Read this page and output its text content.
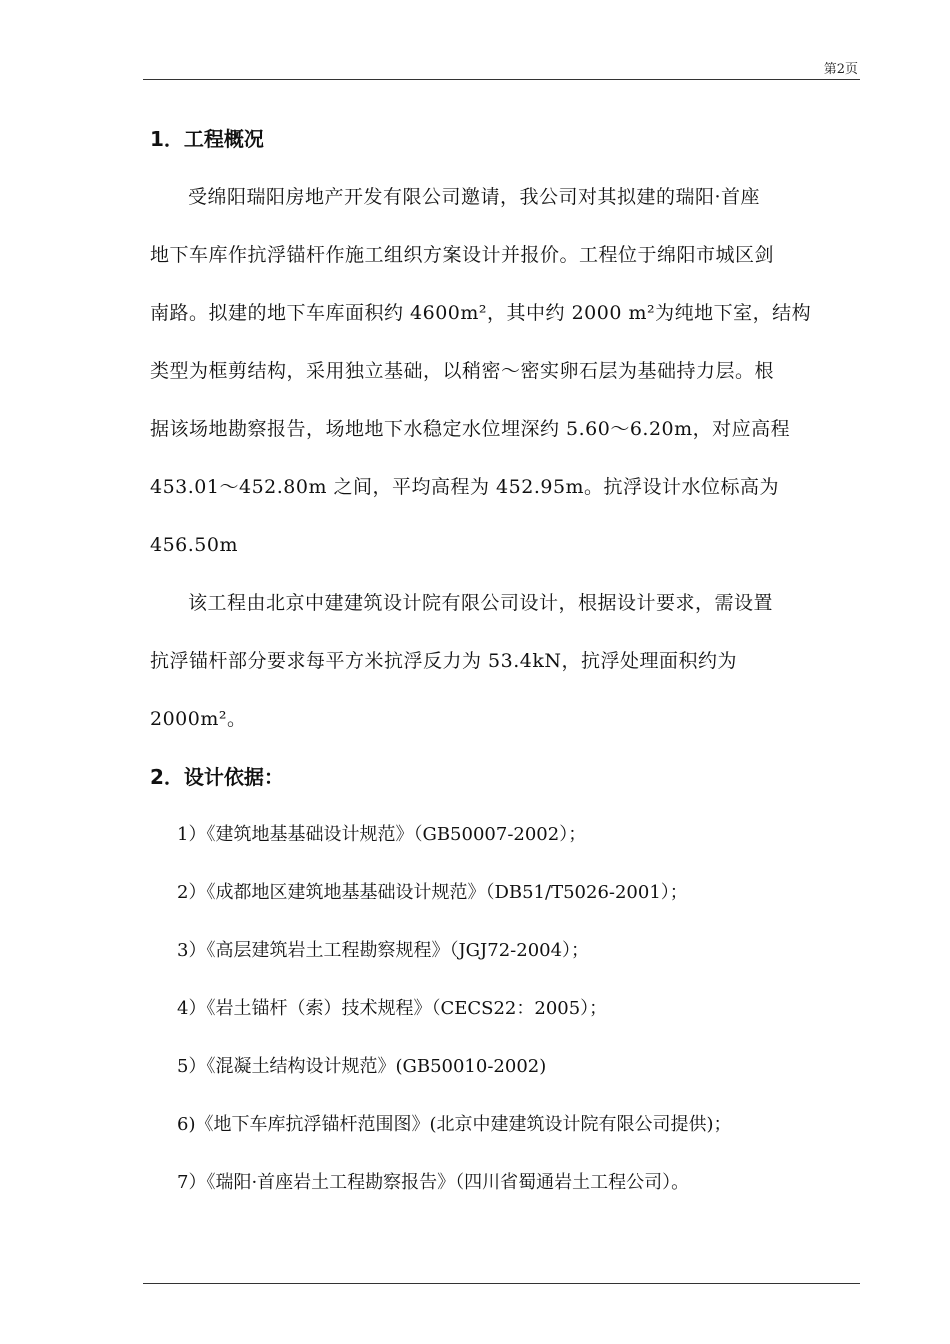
第2页
1．工程概况

受绵阳瑞阳房地产开发有限公司邀请，我公司对其拟建的瑞阳·首座
地下车库作抗浮锚杆作施工组织方案设计并报价。工程位于绵阳市城区剑
南路。拟建的地下车库面积约 4600m²，其中约 2000 m²为纯地下室，结构
类型为框剪结构，采用独立基础，以稍密～密实卵石层为基础持力层。根
据该场地勘察报告，场地地下水稳定水位埋深约 5.60～6.20m，对应高程
453.01～452.80m 之间，平均高程为 452.95m。抗浮设计水位标高为
456.50m

该工程由北京中建建筑设计院有限公司设计，根据设计要求，需设置
抗浮锚杆部分要求每平方米抗浮反力为 53.4kN，抗浮处理面积约为
2000m²。

2．设计依据：
1）《建筑地基基础设计规范》（GB50007-2002）；
2）《成都地区建筑地基基础设计规范》（DB51/T5026-2001）；
3）《高层建筑岩土工程勘察规程》（JGJ72-2004）；
4）《岩土锚杆（索）技术规程》（CECS22：2005）；
5）《混凝土结构设计规范》(GB50010-2002)
6)《地下车库抗浮锚杆范围图》(北京中建建筑设计院有限公司提供)；
7）《瑞阳·首座岩土工程勘察报告》（四川省蜀通岩土工程公司）。
